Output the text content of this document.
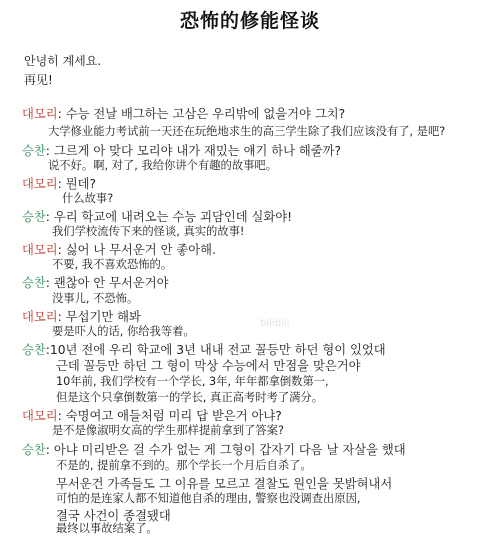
恐怖的修能怪谈
안녕히 계세요.
再见!
대모리: 수능 전날 배그하는 고삼은 우리밖에 없을거야 그치?
大学修业能力考试前一天还在玩绝地求生的高三学生除了我们应该没有了, 是吧?
승찬: 그르게 아 맞다 모리야 내가 재밌는 얘기 하나 해줄까?
说不好。啊, 对了, 我给你讲个有趣的故事吧。
대모리: 뭔데?
什么故事?
승찬: 우리 학교에 내려오는 수능 괴담인데 실화야!
我们学校流传下来的怪谈, 真实的故事!
대모리: 싫어 나 무서운거 안 좋아해.
不要, 我不喜欢恐怖的。
승찬: 괜찮아 안 무서운거야
没事儿, 不恐怖。
대모리: 무섭기만 해봐
要是吓人的话, 你给我等着。
승찬:10년 전에 우리 학교에 3년 내내 전교 꼴등만 하던 형이 있었대
근데 꼴등만 하던 그 형이 막상 수능에서 만점을 맞은거야
10年前, 我们学校有一个学长, 3年, 年年都拿倒数第一,
但是这个只拿倒数第一的学长, 真正高考时考了满分。
대모리: 숙명여고 애들처럼 미리 답 받은거 아냐?
是不是像淑明女高的学生那样提前拿到了答案?
승찬: 아냐 미리받은 걸 수가 없는 게 그형이 갑자기 다음 날 자살을 했대
不是的, 提前拿不到的。那个学长一个月后自杀了。
무서운건 가족들도 그 이유를 모르고 결찰도 원인을 못밝혀내서
可怕的是连家人都不知道他自杀的理由, 警察也没调查出原因,
결국 사건이 종결됐대
最终以事故结案了。
bilibili
